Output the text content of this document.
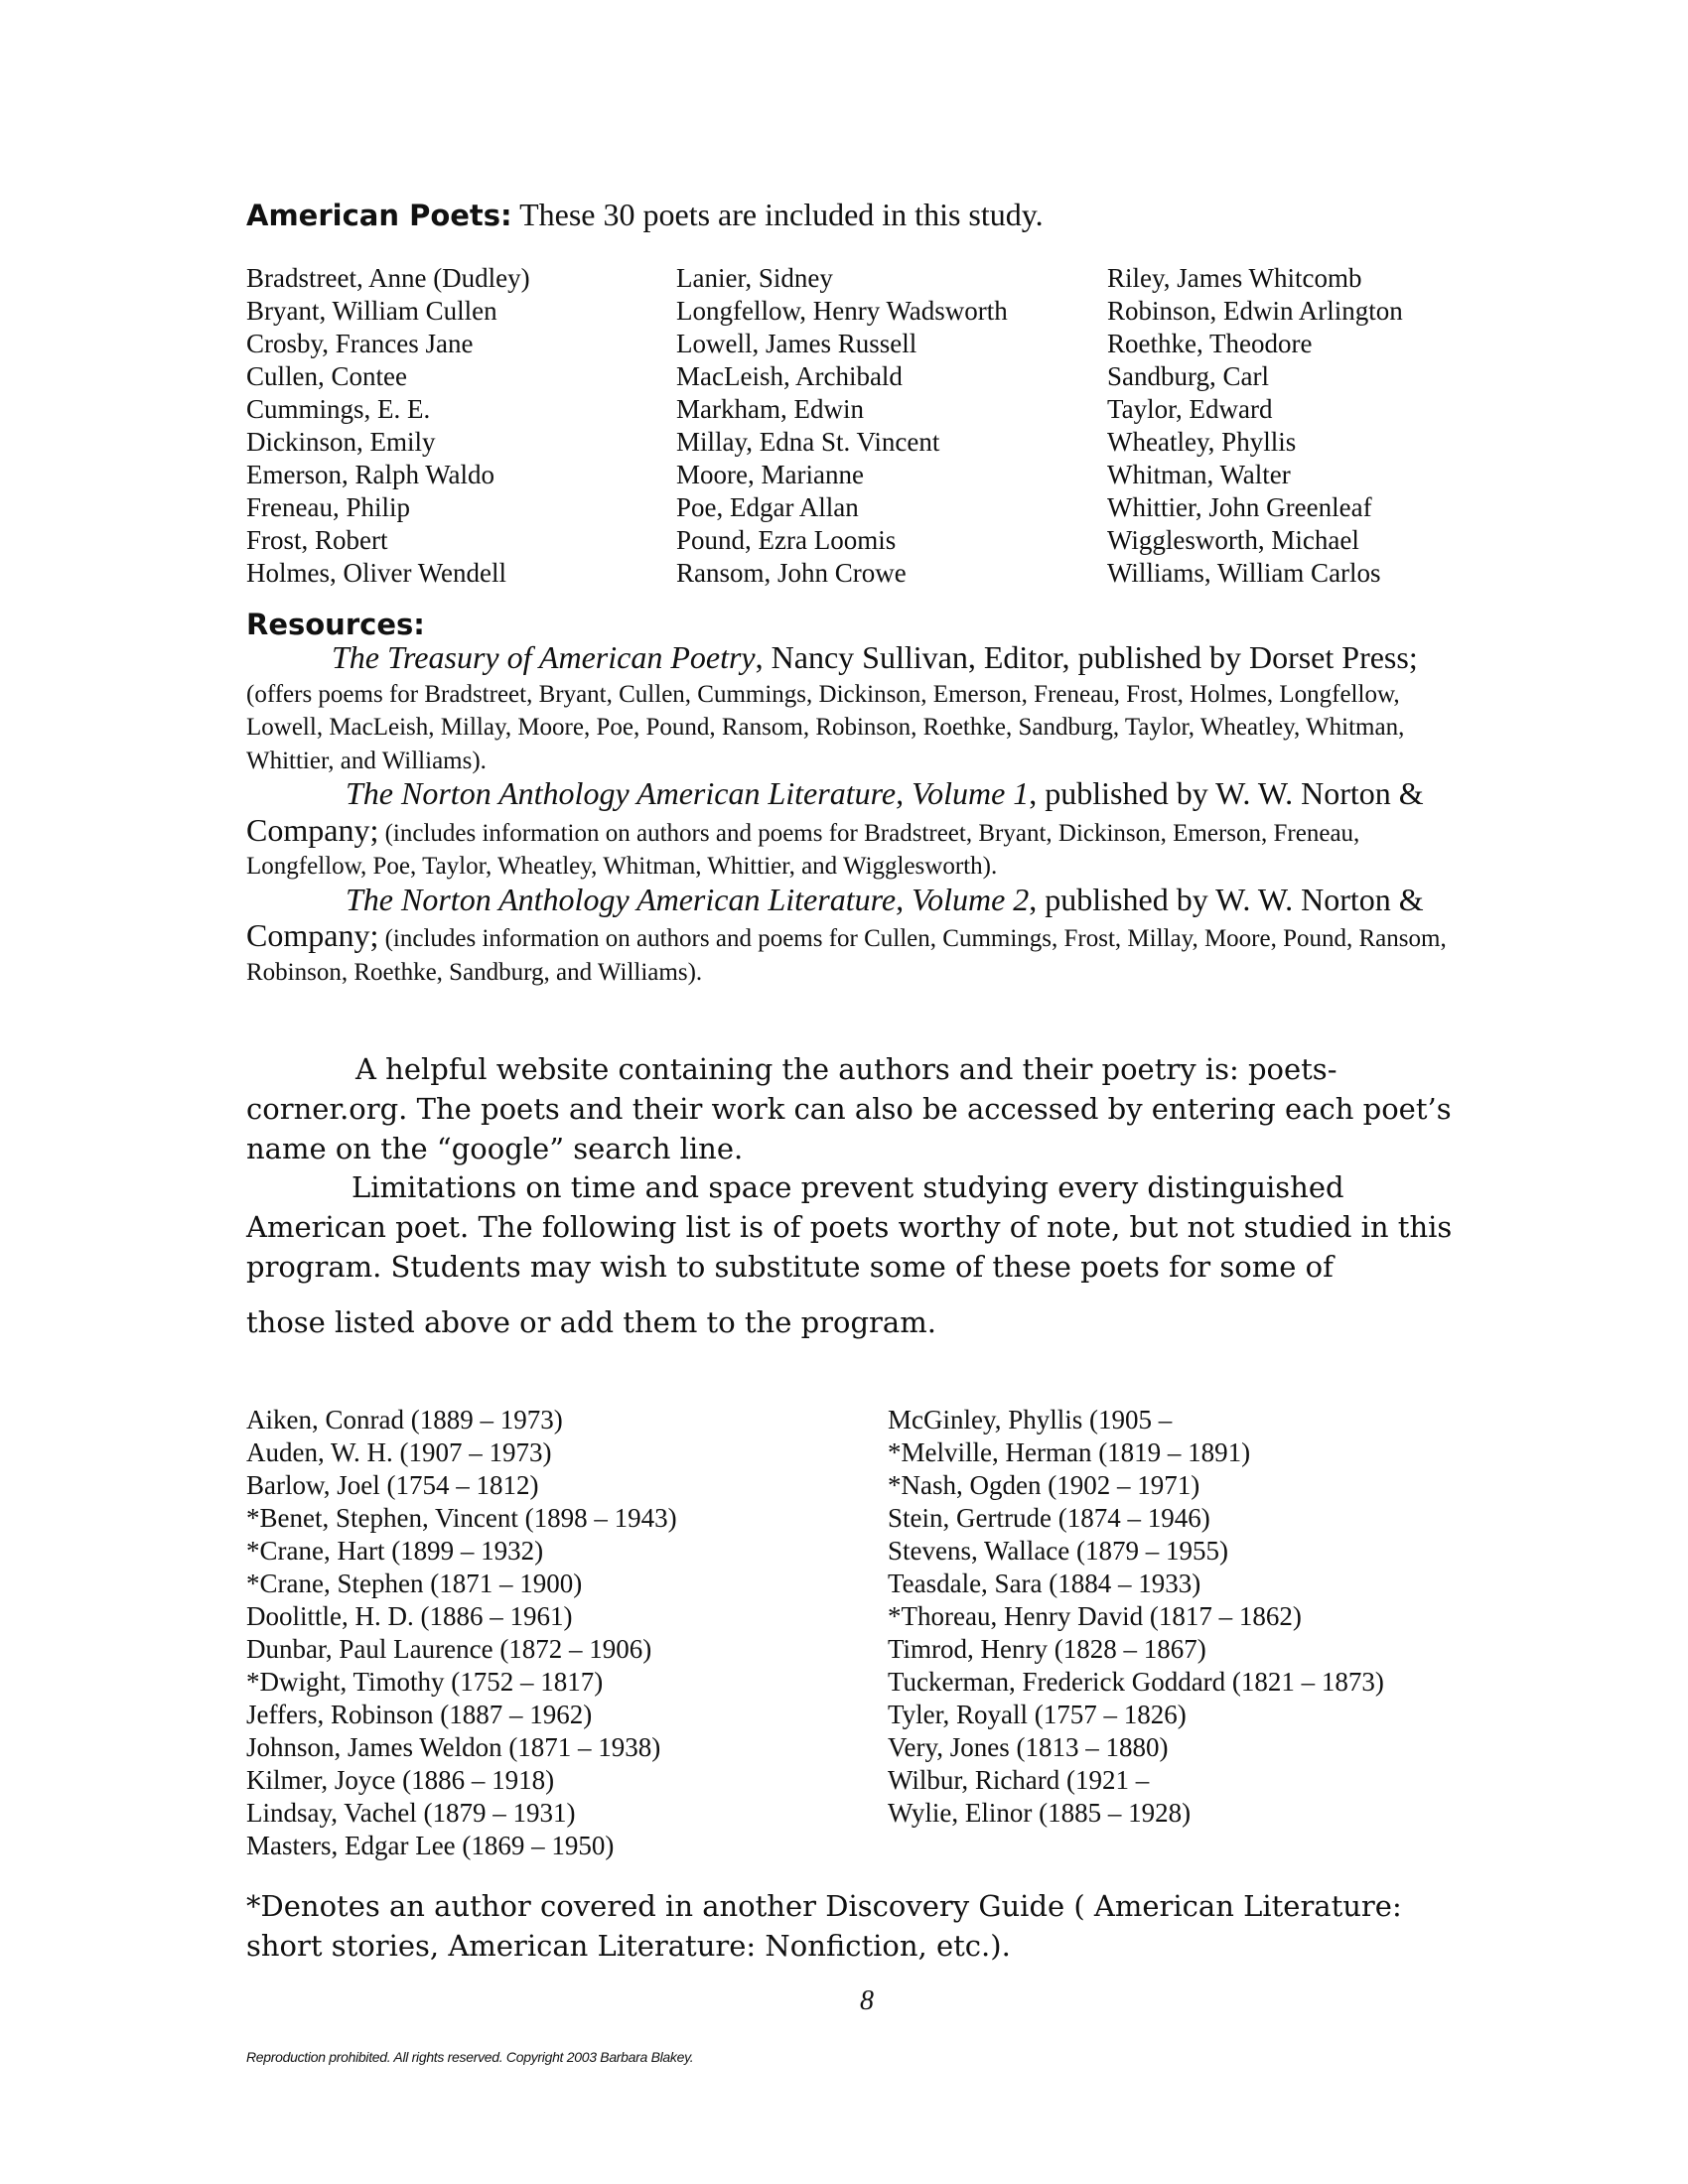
American Poets: These 30 poets are included in this study.
Bradstreet, Anne (Dudley)
Bryant, William Cullen
Crosby, Frances Jane
Cullen, Contee
Cummings, E. E.
Dickinson, Emily
Emerson, Ralph Waldo
Freneau, Philip
Frost, Robert
Holmes, Oliver Wendell
Lanier, Sidney
Longfellow, Henry Wadsworth
Lowell, James Russell
MacLeish, Archibald
Markham, Edwin
Millay, Edna St. Vincent
Moore, Marianne
Poe, Edgar Allan
Pound, Ezra Loomis
Ransom, John Crowe
Riley, James Whitcomb
Robinson, Edwin Arlington
Roethke, Theodore
Sandburg, Carl
Taylor, Edward
Wheatley, Phyllis
Whitman, Walter
Whittier, John Greenleaf
Wigglesworth, Michael
Williams, William Carlos
Resources:

The Treasury of American Poetry, Nancy Sullivan, Editor, published by Dorset Press; (offers poems for Bradstreet, Bryant, Cullen, Cummings, Dickinson, Emerson, Freneau, Frost, Holmes, Longfellow, Lowell, MacLeish, Millay, Moore, Poe, Pound, Ransom, Robinson, Roethke, Sandburg, Taylor, Wheatley, Whitman, Whittier, and Williams).

The Norton Anthology American Literature, Volume 1, published by W. W. Norton & Company; (includes information on authors and poems for Bradstreet, Bryant, Dickinson, Emerson, Freneau, Longfellow, Poe, Taylor, Wheatley, Whitman, Whittier, and Wigglesworth).

The Norton Anthology American Literature, Volume 2, published by W. W. Norton & Company; (includes information on authors and poems for Cullen, Cummings, Frost, Millay, Moore, Pound, Ransom, Robinson, Roethke, Sandburg, and Williams).

A helpful website containing the authors and their poetry is: poets-corner.org. The poets and their work can also be accessed by entering each poet’s name on the “google” search line.

Limitations on time and space prevent studying every distinguished American poet. The following list is of poets worthy of note, but not studied in this program. Students may wish to substitute some of these poets for some of

those listed above or add them to the program.

Aiken, Conrad (1889 – 1973)
Auden, W. H. (1907 – 1973)
Barlow, Joel (1754 – 1812)
*Benet, Stephen, Vincent (1898 – 1943)
*Crane, Hart (1899 – 1932)
*Crane, Stephen (1871 – 1900)
Doolittle, H. D. (1886 – 1961)
Dunbar, Paul Laurence (1872 – 1906)
*Dwight, Timothy (1752 – 1817)
Jeffers, Robinson (1887 – 1962)
Johnson, James Weldon (1871 – 1938)
Kilmer, Joyce (1886 – 1918)
Lindsay, Vachel (1879 – 1931)
Masters, Edgar Lee (1869 – 1950)
McGinley, Phyllis (1905 –
*Melville, Herman (1819 – 1891)
*Nash, Ogden (1902 – 1971)
Stein, Gertrude (1874 – 1946)
Stevens, Wallace (1879 – 1955)
Teasdale, Sara (1884 – 1933)
*Thoreau, Henry David (1817 – 1862)
Timrod, Henry (1828 – 1867)
Tuckerman, Frederick Goddard (1821 – 1873)
Tyler, Royall (1757 – 1826)
Very, Jones (1813 – 1880)
Wilbur, Richard (1921 –
Wylie, Elinor (1885 – 1928)

*Denotes an author covered in another Discovery Guide ( American Literature: short stories, American Literature: Nonfiction, etc.).

8
Reproduction prohibited. All rights reserved. Copyright 2003 Barbara Blakey.
